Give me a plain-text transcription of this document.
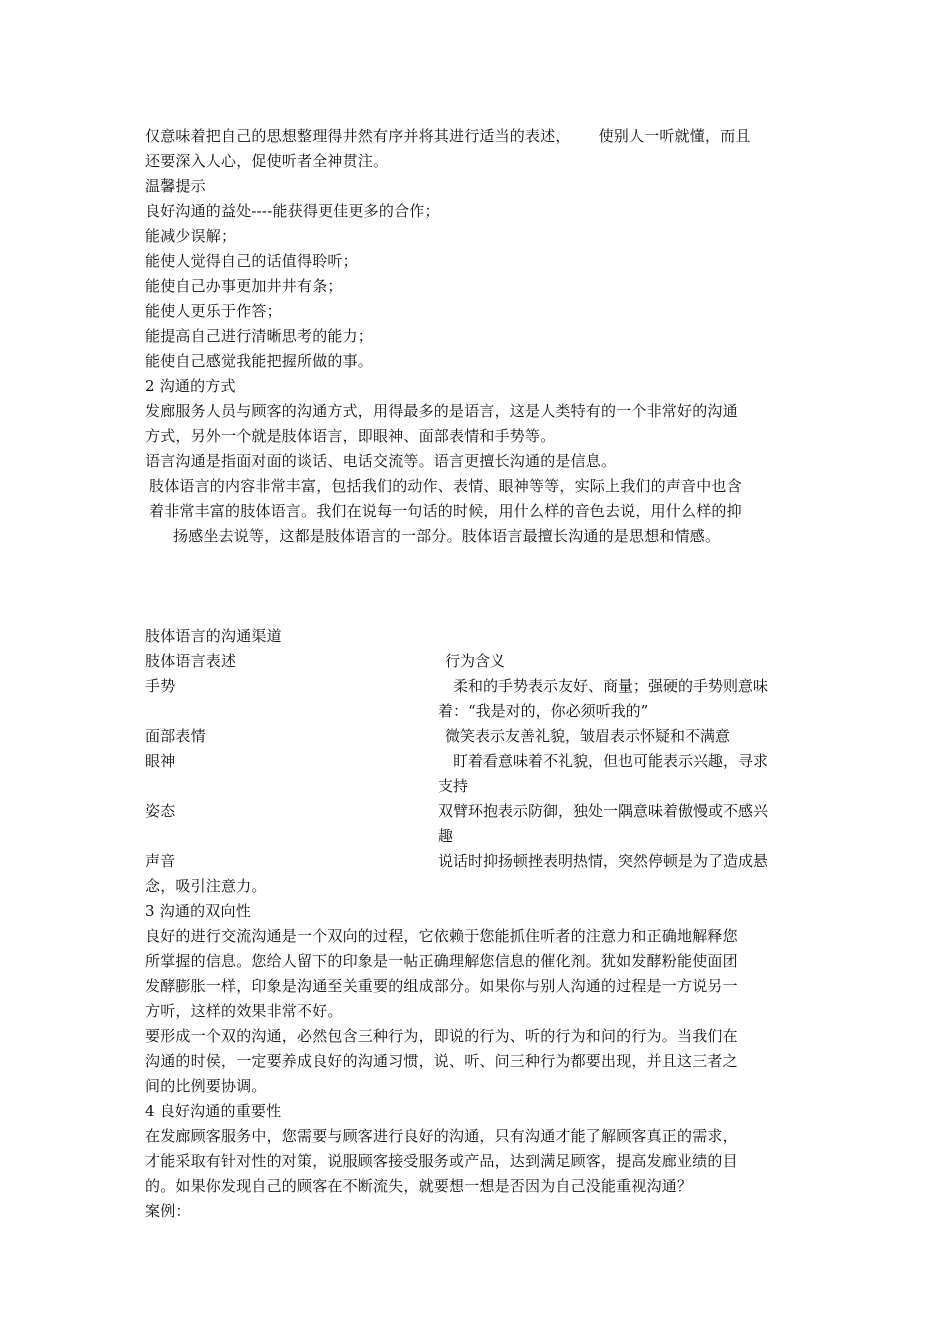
仅意味着把自己的思想整理得井然有序并将其进行适当的表述， 使别人一听就懂，而且
还要深入人心，促使听者全神贯注。
温馨提示
良好沟通的益处----能获得更佳更多的合作；
能减少误解；
能使人觉得自己的话值得聆听；
能使自己办事更加井井有条；
能使人更乐于作答；
能提高自己进行清晰思考的能力；
能使自己感觉我能把握所做的事。
2 沟通的方式
发廊服务人员与顾客的沟通方式，用得最多的是语言，这是人类特有的一个非常好的沟通
方式，另外一个就是肢体语言，即眼神、面部表情和手势等。
语言沟通是指面对面的谈话、电话交流等。语言更擅长沟通的是信息。
肢体语言的内容非常丰富，包括我们的动作、表情、眼神等等，实际上我们的声音中也含
着非常丰富的肢体语言。我们在说每一句话的时候，用什么样的音色去说，用什么样的抑
扬感坐去说等，这都是肢体语言的一部分。肢体语言最擅长沟通的是思想和情感。
肢体语言的沟通渠道
肢体语言表述	行为含义
手势	柔和的手势表示友好、商量；强硬的手势则意味
着：“我是对的，你必须听我的”
面部表情	微笑表示友善礼貌，皱眉表示怀疑和不满意
眼神	盯着看意味着不礼貌，但也可能表示兴趣，寻求
支持
姿态	双臂环抱表示防御，独处一隅意味着傲慢或不感兴
趣
声音	说话时抑扬顿挫表明热情，突然停顿是为了造成悬
念，吸引注意力。
3 沟通的双向性
良好的进行交流沟通是一个双向的过程，它依赖于您能抓住听者的注意力和正确地解释您
所掌握的信息。您给人留下的印象是一帖正确理解您信息的催化剂。犹如发酵粉能使面团
发酵膨胀一样，印象是沟通至关重要的组成部分。如果你与别人沟通的过程是一方说另一
方听，这样的效果非常不好。
要形成一个双的沟通，必然包含三种行为，即说的行为、听的行为和问的行为。当我们在
沟通的时侯，一定要养成良好的沟通习惯，说、听、问三种行为都要出现，并且这三者之
间的比例要协调。
4 良好沟通的重要性
在发廊顾客服务中，您需要与顾客进行良好的沟通，只有沟通才能了解顾客真正的需求，
才能采取有针对性的对策，说服顾客接受服务或产品，达到满足顾客，提高发廊业绩的目
的。如果你发现自己的顾客在不断流失，就要想一想是否因为自己没能重视沟通？
案例：
